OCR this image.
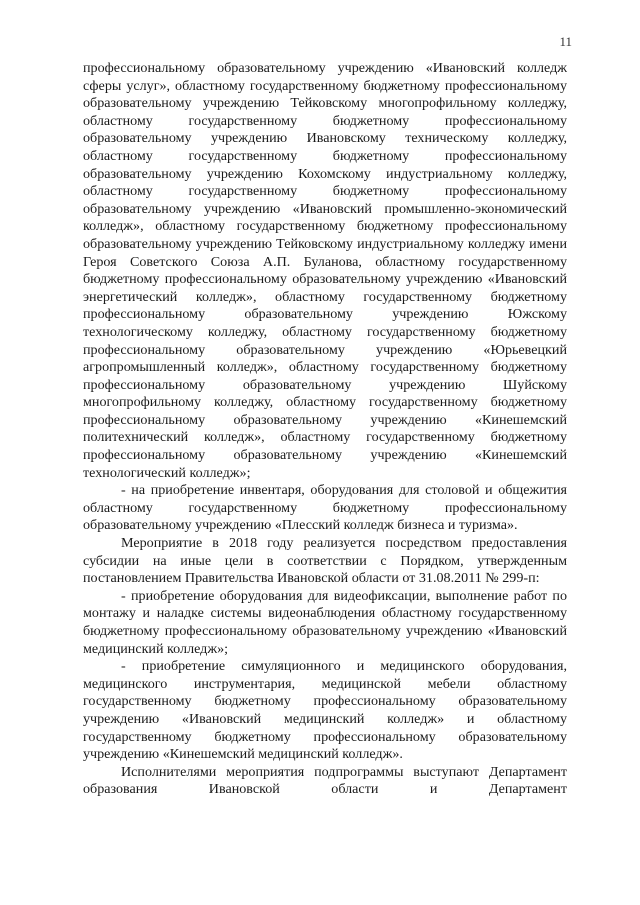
11

профессиональному образовательному учреждению «Ивановский колледж сферы услуг», областному государственному бюджетному профессиональному образовательному учреждению Тейковскому многопрофильному колледжу, областному государственному бюджетному профессиональному образовательному учреждению Ивановскому техническому колледжу, областному государственному бюджетному профессиональному образовательному учреждению Кохомскому индустриальному колледжу, областному государственному бюджетному профессиональному образовательному учреждению «Ивановский промышленно-экономический колледж», областному государственному бюджетному профессиональному образовательному учреждению Тейковскому индустриальному колледжу имени Героя Советского Союза А.П. Буланова, областному государственному бюджетному профессиональному образовательному учреждению «Ивановский энергетический колледж», областному государственному бюджетному профессиональному образовательному учреждению Южскому технологическому колледжу, областному государственному бюджетному профессиональному образовательному учреждению «Юрьевецкий агропромышленный колледж», областному государственному бюджетному профессиональному образовательному учреждению Шуйскому многопрофильному колледжу, областному государственному бюджетному профессиональному образовательному учреждению «Кинешемский политехнический колледж», областному государственному бюджетному профессиональному образовательному учреждению «Кинешемский технологический колледж»;

- на приобретение инвентаря, оборудования для столовой и общежития областному государственному бюджетному профессиональному образовательному учреждению «Плесский колледж бизнеса и туризма».

Мероприятие в 2018 году реализуется посредством предоставления субсидии на иные цели в соответствии с Порядком, утвержденным постановлением Правительства Ивановской области от 31.08.2011 № 299-п:

- приобретение оборудования для видеофиксации, выполнение работ по монтажу и наладке системы видеонаблюдения областному государственному бюджетному профессиональному образовательному учреждению «Ивановский медицинский колледж»;

- приобретение симуляционного и медицинского оборудования, медицинского инструментария, медицинской мебели областному государственному бюджетному профессиональному образовательному учреждению «Ивановский медицинский колледж» и областному государственному бюджетному профессиональному образовательному учреждению «Кинешемский медицинский колледж».

Исполнителями мероприятия подпрограммы выступают Департамент образования Ивановской области и Департамент
